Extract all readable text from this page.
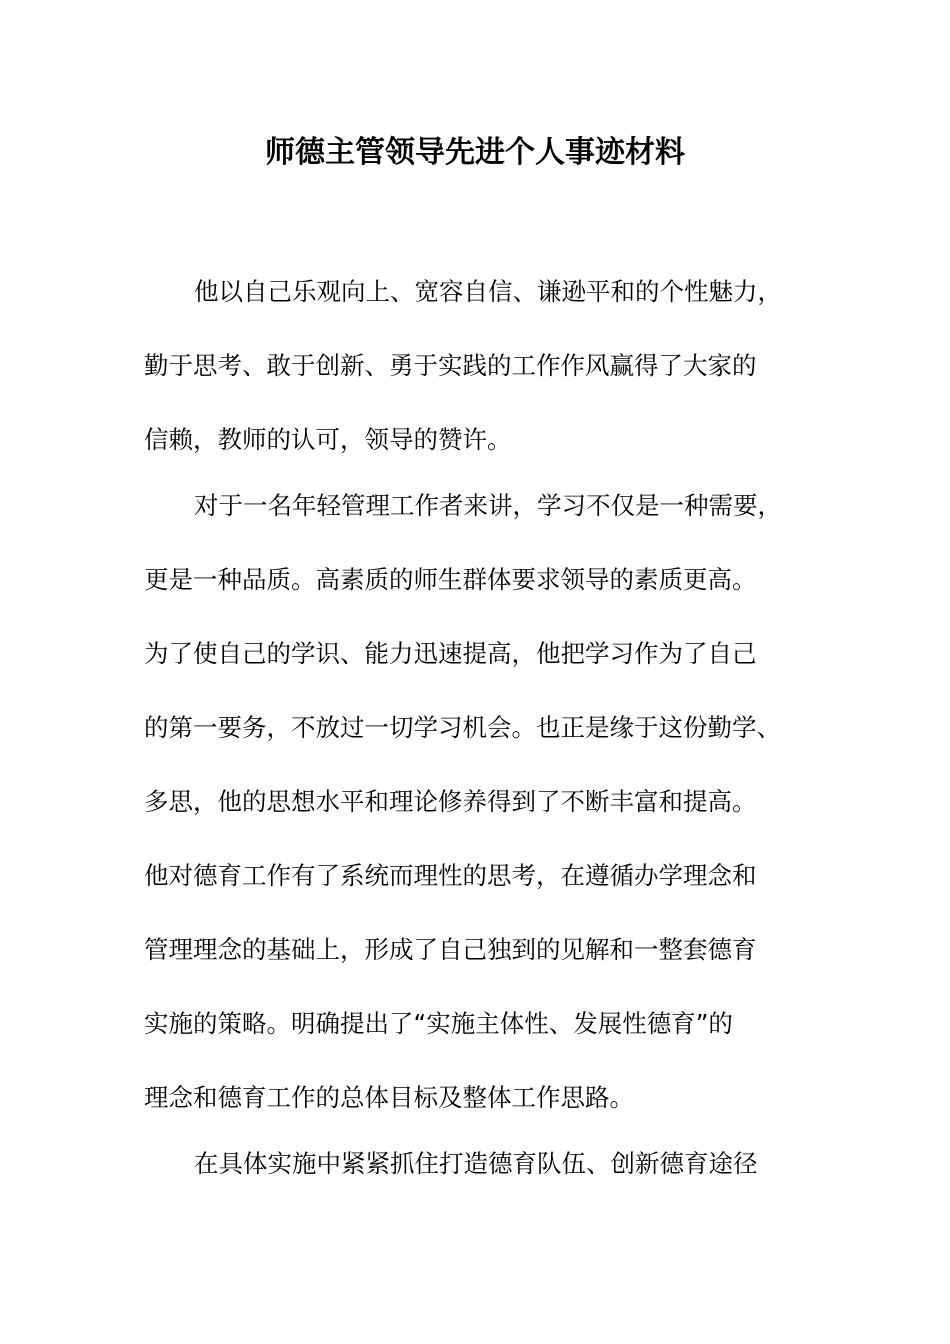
师德主管领导先进个人事迹材料
他以自己乐观向上、宽容自信、谦逊平和的个性魅力，
勤于思考、敢于创新、勇于实践的工作作风赢得了大家的
信赖，教师的认可，领导的赞许。
对于一名年轻管理工作者来讲，学习不仅是一种需要，
更是一种品质。高素质的师生群体要求领导的素质更高。
为了使自己的学识、能力迅速提高，他把学习作为了自己
的第一要务，不放过一切学习机会。也正是缘于这份勤学、
多思，他的思想水平和理论修养得到了不断丰富和提高。
他对德育工作有了系统而理性的思考，在遵循办学理念和
管理理念的基础上，形成了自己独到的见解和一整套德育
实施的策略。明确提出了“实施主体性、发展性德育”的
理念和德育工作的总体目标及整体工作思路。
在具体实施中紧紧抓住打造德育队伍、创新德育途径
